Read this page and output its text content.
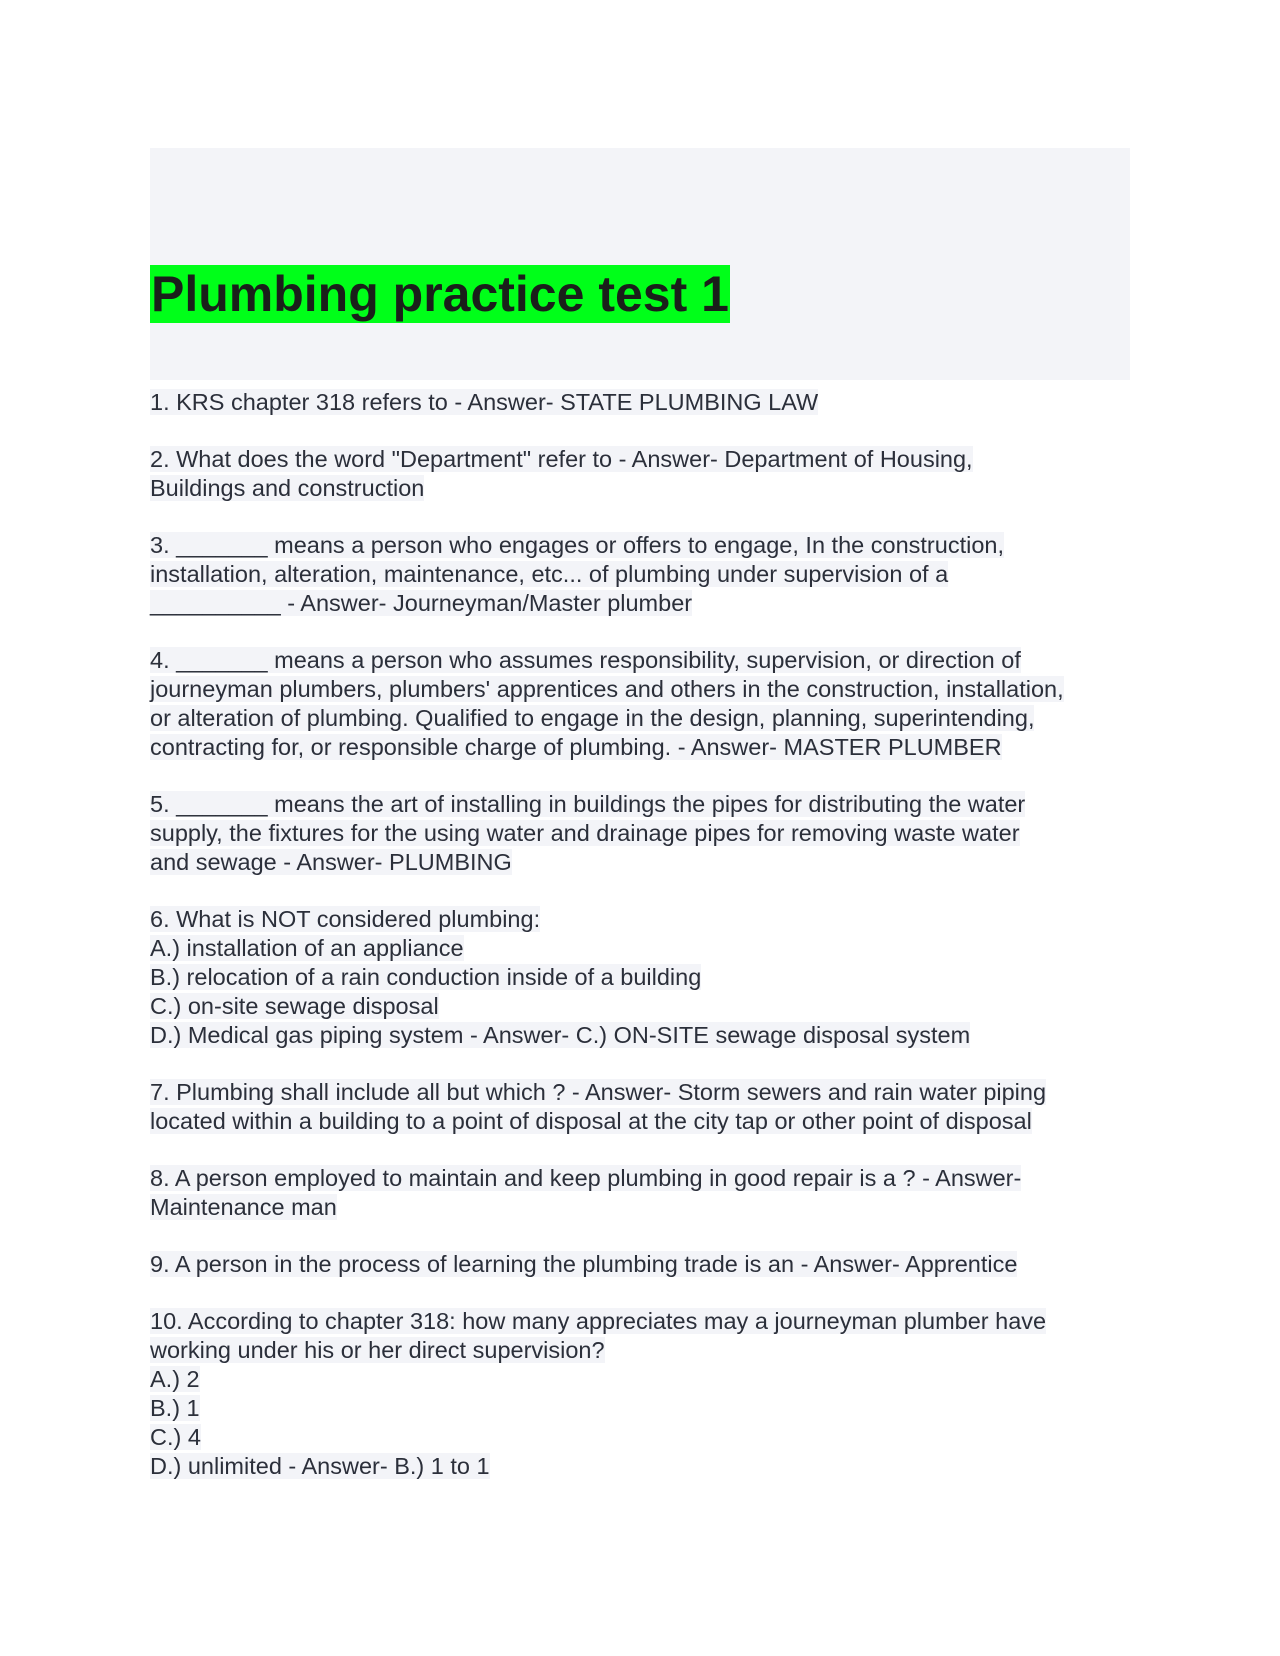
Plumbing practice test 1
1. KRS chapter 318 refers to - Answer- STATE PLUMBING LAW
2. What does the word "Department" refer to - Answer- Department of Housing,
Buildings and construction
3. _______ means a person who engages or offers to engage, In the construction,
installation, alteration, maintenance, etc... of plumbing under supervision of a
__________ - Answer- Journeyman/Master plumber
4. _______ means a person who assumes responsibility, supervision, or direction of
journeyman plumbers, plumbers' apprentices and others in the construction, installation,
or alteration of plumbing. Qualified to engage in the design, planning, superintending,
contracting for, or responsible charge of plumbing. - Answer- MASTER PLUMBER
5. _______ means the art of installing in buildings the pipes for distributing the water
supply, the fixtures for the using water and drainage pipes for removing waste water
and sewage - Answer- PLUMBING
6. What is NOT considered plumbing:
A.) installation of an appliance
B.) relocation of a rain conduction inside of a building
C.) on-site sewage disposal
D.) Medical gas piping system - Answer- C.) ON-SITE sewage disposal system
7. Plumbing shall include all but which ? - Answer- Storm sewers and rain water piping
located within a building to a point of disposal at the city tap or other point of disposal
8. A person employed to maintain and keep plumbing in good repair is a ? - Answer-
Maintenance man
9. A person in the process of learning the plumbing trade is an - Answer- Apprentice
10. According to chapter 318: how many appreciates may a journeyman plumber have
working under his or her direct supervision?
A.) 2
B.) 1
C.) 4
D.) unlimited - Answer- B.) 1 to 1
